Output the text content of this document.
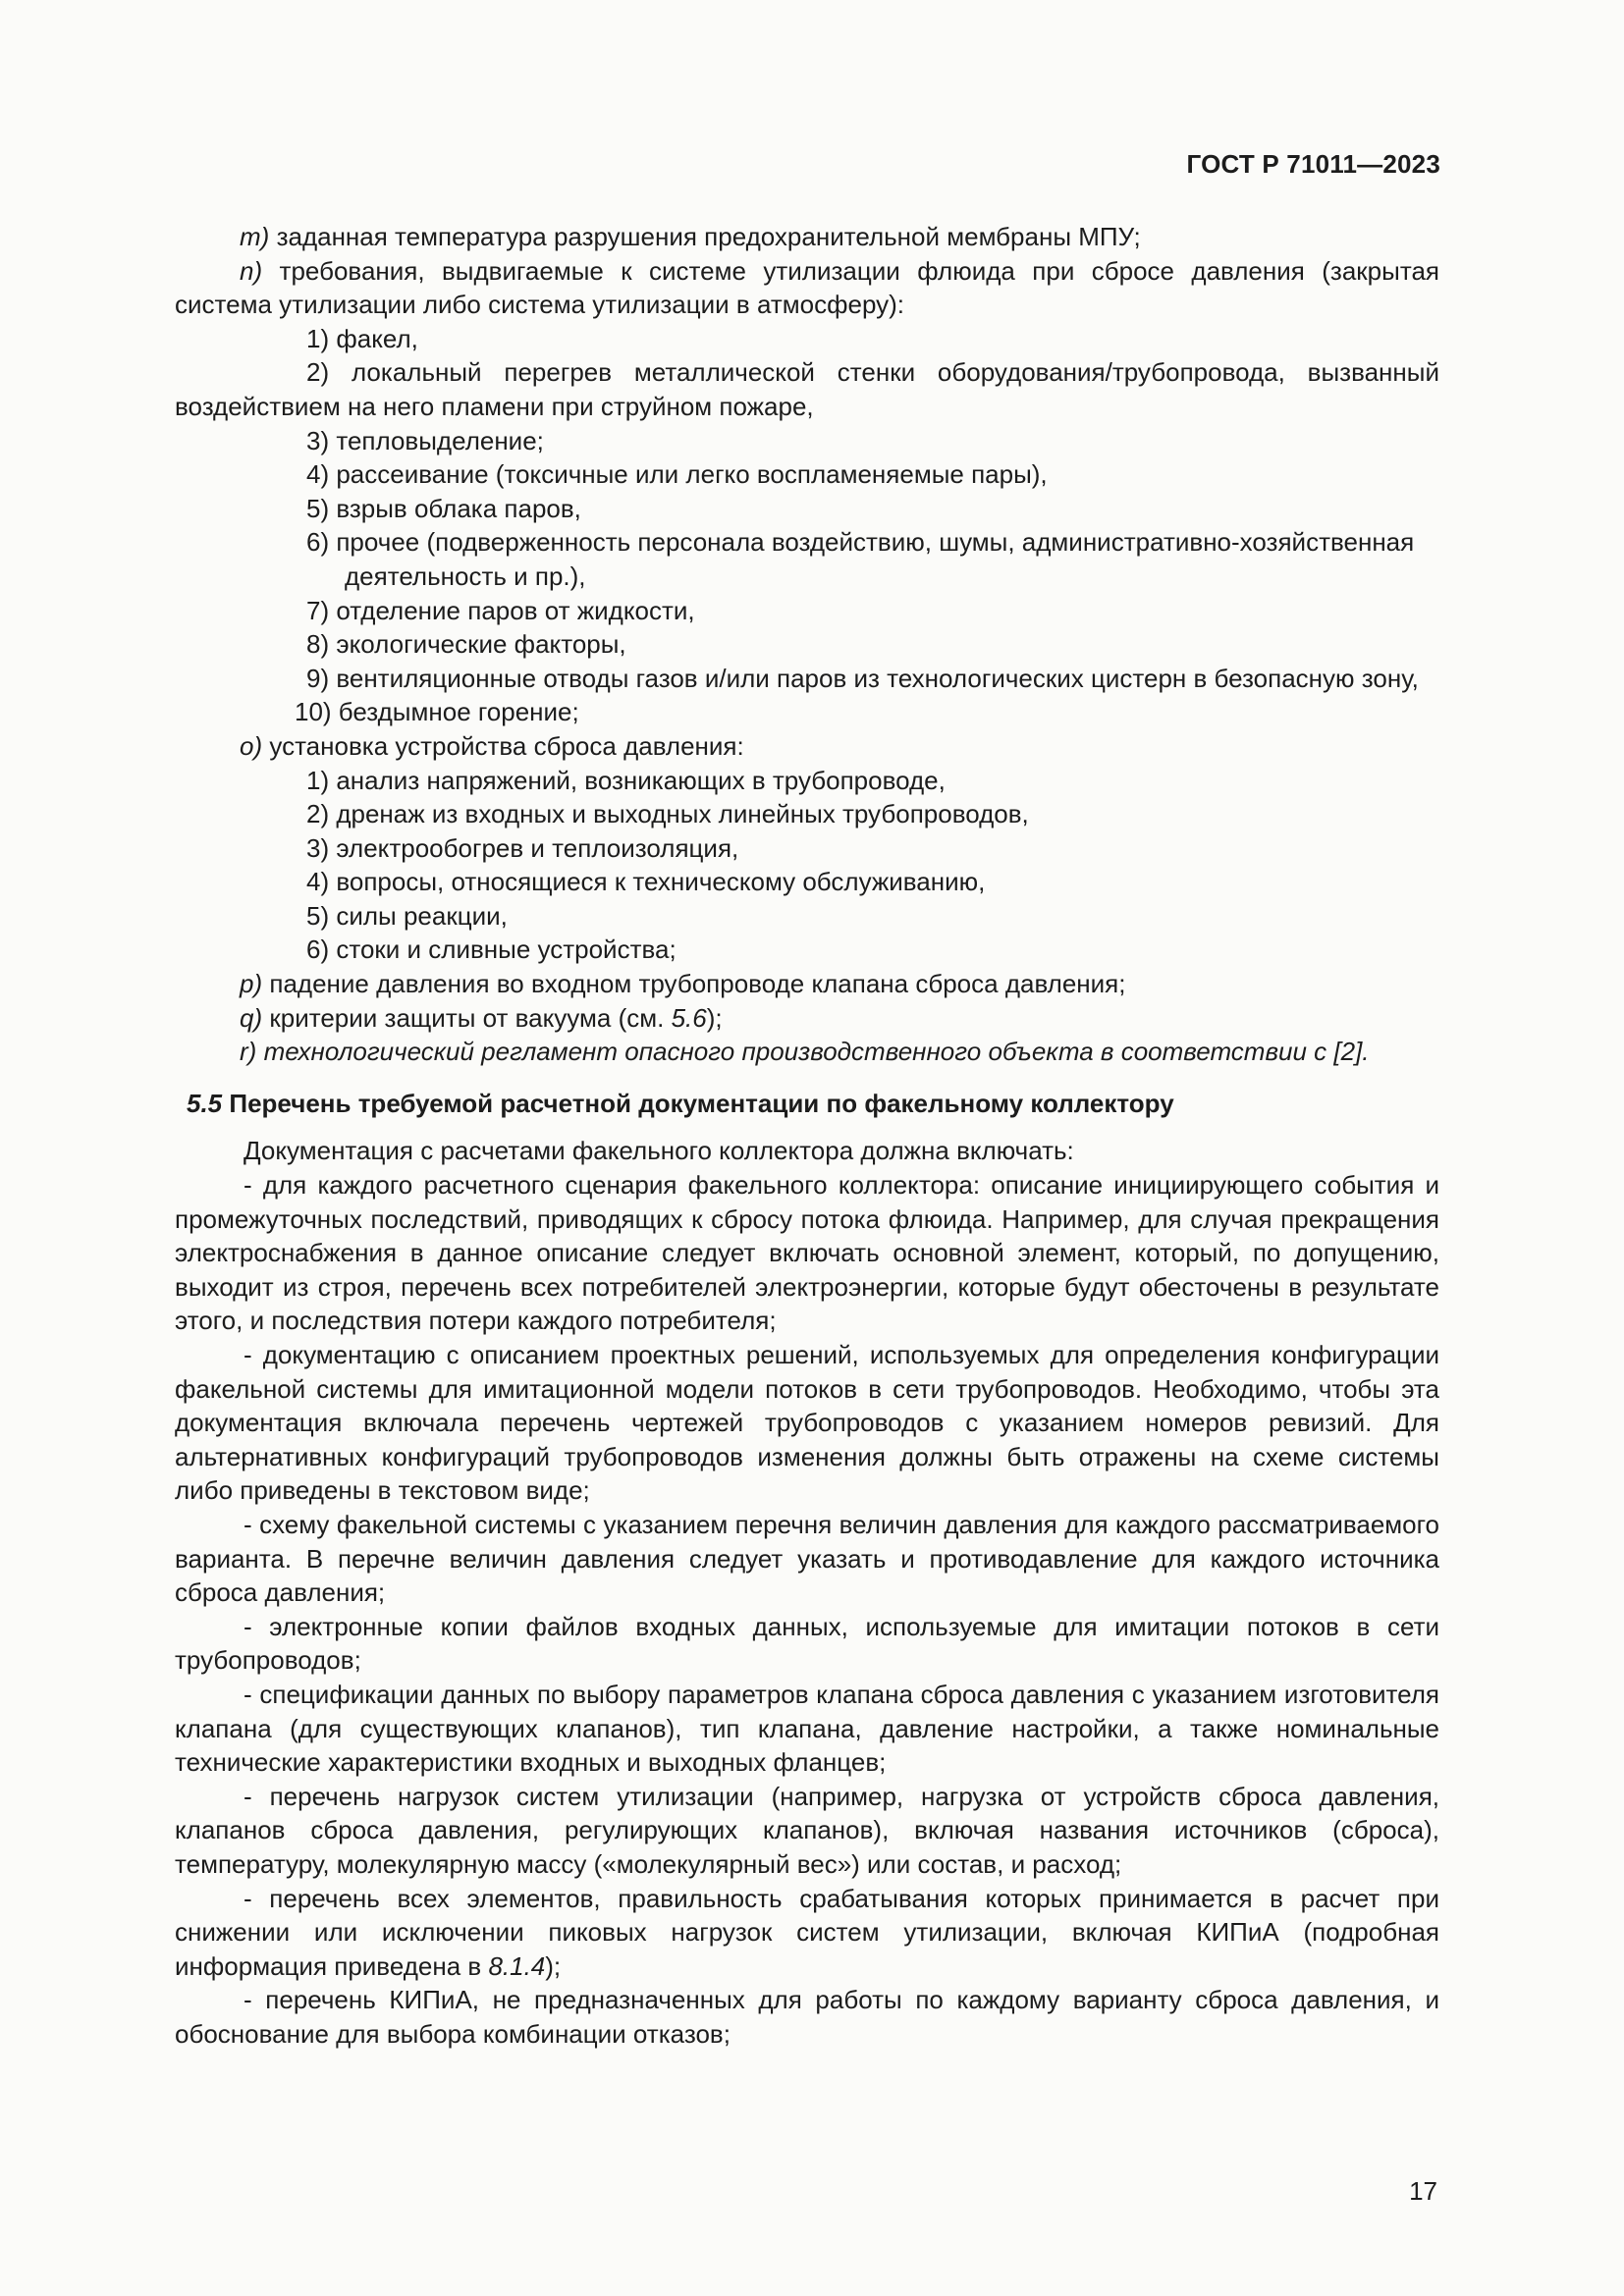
ГОСТ Р 71011—2023

m) заданная температура разрушения предохранительной мембраны МПУ;

n) требования, выдвигаемые к системе утилизации флюида при сбросе давления (закрытая система утилизации либо система утилизации в атмосферу):

1) факел,

2) локальный перегрев металлической стенки оборудования/трубопровода, вызванный воздействием на него пламени при струйном пожаре,

3) тепловыделение;

4) рассеивание (токсичные или легко воспламеняемые пары),

5) взрыв облака паров,

6) прочее (подверженность персонала воздействию, шумы, административно-хозяйственная

деятельность и пр.),

7) отделение паров от жидкости,

8) экологические факторы,

9) вентиляционные отводы газов и/или паров из технологических цистерн в безопасную зону,

10) бездымное горение;

o) установка устройства сброса давления:

1) анализ напряжений, возникающих в трубопроводе,

2) дренаж из входных и выходных линейных трубопроводов,

3) электрообогрев и теплоизоляция,

4) вопросы, относящиеся к техническому обслуживанию,

5) силы реакции,

6) стоки и сливные устройства;

p) падение давления во входном трубопроводе клапана сброса давления;

q) критерии защиты от вакуума (см. 5.6);

r) технологический регламент опасного производственного объекта в соответствии с [2].

5.5 Перечень требуемой расчетной документации по факельному коллектору

Документация с расчетами факельного коллектора должна включать:

- для каждого расчетного сценария факельного коллектора: описание инициирующего события и промежуточных последствий, приводящих к сбросу потока флюида. Например, для случая прекращения электроснабжения в данное описание следует включать основной элемент, который, по допущению, выходит из строя, перечень всех потребителей электроэнергии, которые будут обесточены в результате этого, и последствия потери каждого потребителя;

- документацию с описанием проектных решений, используемых для определения конфигурации факельной системы для имитационной модели потоков в сети трубопроводов. Необходимо, чтобы эта документация включала перечень чертежей трубопроводов с указанием номеров ревизий. Для альтернативных конфигураций трубопроводов изменения должны быть отражены на схеме системы либо приведены в текстовом виде;

- схему факельной системы с указанием перечня величин давления для каждого рассматриваемого варианта. В перечне величин давления следует указать и противодавление для каждого источника сброса давления;

- электронные копии файлов входных данных, используемые для имитации потоков в сети трубопроводов;

- спецификации данных по выбору параметров клапана сброса давления с указанием изготовителя клапана (для существующих клапанов), тип клапана, давление настройки, а также номинальные технические характеристики входных и выходных фланцев;

- перечень нагрузок систем утилизации (например, нагрузка от устройств сброса давления, клапанов сброса давления, регулирующих клапанов), включая названия источников (сброса), температуру, молекулярную массу («молекулярный вес») или состав, и расход;

- перечень всех элементов, правильность срабатывания которых принимается в расчет при снижении или исключении пиковых нагрузок систем утилизации, включая КИПиА (подробная информация приведена в 8.1.4);

- перечень КИПиА, не предназначенных для работы по каждому варианту сброса давления, и обоснование для выбора комбинации отказов;

17
